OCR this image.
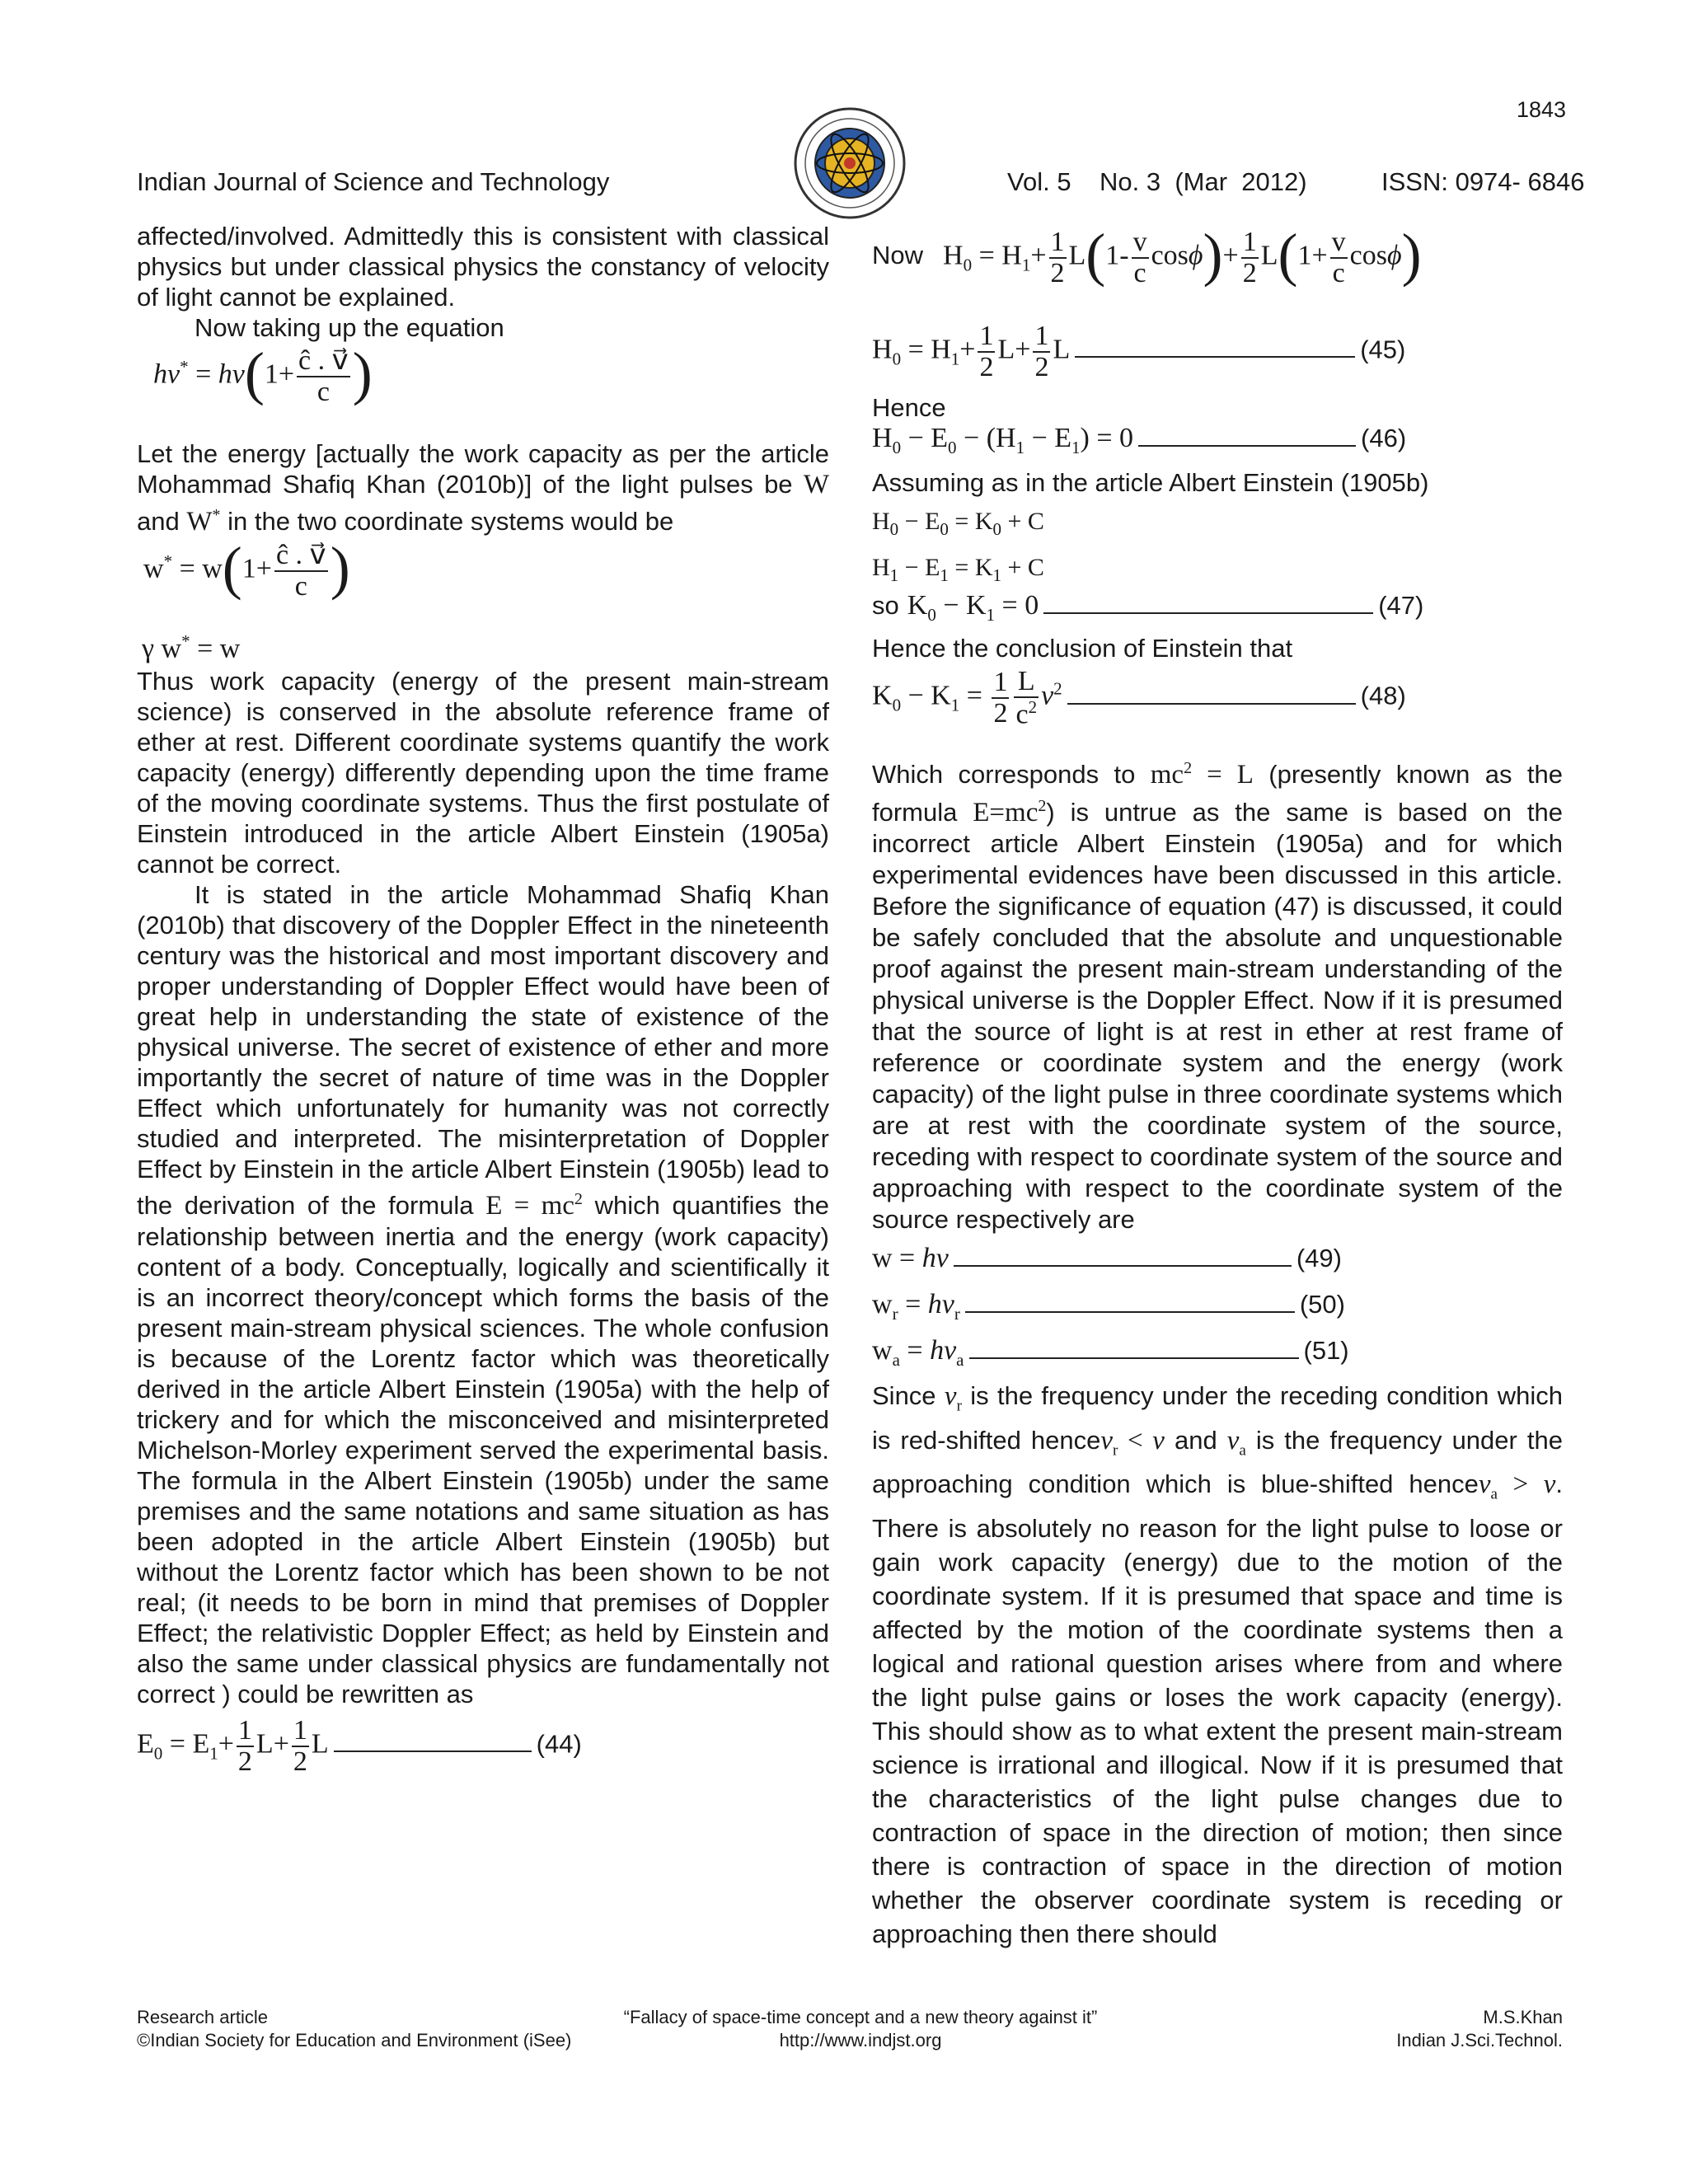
1843
Indian Journal of Science and Technology	Vol. 5    No. 3  (Mar  2012)	ISSN: 0974- 6846

affected/involved. Admittedly this is consistent with classical physics but under classical physics the constancy of velocity of light cannot be explained.

Now taking up the equation

$h\nu^* = h\nu(1+ \frac{ĉ . v⃗}{c}$ )

Let the energy [actually the work capacity as per the article Mohammad Shafiq Khan (2010b)] of the light pulses be W and W* in the two coordinate systems would be

$w^* = w(1+ \frac{ĉ . v⃗}{c}$ )
γ w* = w

Thus work capacity (energy of the present main-stream science) is conserved in the absolute reference frame of ether at rest. Different coordinate systems quantify the work capacity (energy) differently depending upon the time frame of the moving coordinate systems. Thus the first postulate of Einstein introduced in the article Albert Einstein (1905a) cannot be correct.

It is stated in the article Mohammad Shafiq Khan (2010b) that discovery of the Doppler Effect in the nineteenth century was the historical and most important discovery and proper understanding of Doppler Effect would have been of great help in understanding the state of existence of the physical universe. The secret of existence of ether and more importantly the secret of nature of time was in the Doppler Effect which unfortunately for humanity was not correctly studied and interpreted. The misinterpretation of Doppler Effect by Einstein in the article Albert Einstein (1905b) lead to the derivation of the formula $E = mc^2$ which quantifies the relationship between inertia and the energy (work capacity) content of a body. Conceptually, logically and scientifically it is an incorrect theory/concept which forms the basis of the present main-stream physical sciences. The whole confusion is because of the Lorentz factor which was theoretically derived in the article Albert Einstein (1905a) with the help of trickery and for which the misconceived and misinterpreted Michelson-Morley experiment served the experimental basis. The formula in the Albert Einstein (1905b) under the same premises and the same notations and same situation as has been adopted in the article Albert Einstein (1905b) but without the Lorentz factor which has been shown to be not real; (it needs to be born in mind that premises of Doppler Effect; the relativistic Doppler Effect; as held by Einstein and also the same under classical physics are fundamentally not correct ) could be rewritten as

$E_0 = E_1+ \frac{1}{2} L+ \frac{1}{2}$ L	(44)
Now $H_0 = H_1+ \frac{1}{2} L(1- \frac{v}{c} \cos\phi)+ \frac{1}{2} L(1+ \frac{v}{c} \cos\phi)$
$H_0 = H_1+ \frac{1}{2} L+ \frac{1}{2}$ L	(45)

Hence

$H_0 - E_0 - (H_1 - E_1) = 0$	(46)

Assuming as in the article Albert Einstein (1905b)

$H_0 - E_0 = K_0 + C$
$H_1 - E_1 = K_1 + C$
so $K_0 - K_1 = 0$	(47)

Hence the conclusion of Einstein that

$K_0 - K_1 = \frac{1}{2} \frac{L}{c^2} \nu^2$	(48)

Which corresponds to $mc^2 = L$ (presently known as the formula $E=mc^2$) is untrue as the same is based on the incorrect article Albert Einstein (1905a) and for which experimental evidences have been discussed in this article. Before the significance of equation (47) is discussed, it could be safely concluded that the absolute and unquestionable proof against the present main-stream understanding of the physical universe is the Doppler Effect. Now if it is presumed that the source of light is at rest in ether at rest frame of reference or coordinate system and the energy (work capacity) of the light pulse in three coordinate systems which are at rest with the coordinate system of the source, receding with respect to coordinate system of the source and approaching with respect to the coordinate system of the source respectively are

w = hν	(49)
$w_r = h\nu_r$	(50)
$w_a = h\nu_a$	(51)

Since $\nu_r$ is the frequency under the receding condition which is red-shifted henceν$_r$ < ν and $\nu_a$ is the frequency under the approaching condition which is blue-shifted henceν$_a$ > ν. There is absolutely no reason for the light pulse to loose or gain work capacity (energy) due to the motion of the coordinate system. If it is presumed that space and time is affected by the motion of the coordinate systems then a logical and rational question arises where from and where the light pulse gains or loses the work capacity (energy). This should show as to what extent the present main-stream science is irrational and illogical. Now if it is presumed that the characteristics of the light pulse changes due to contraction of space in the direction of motion; then since there is contraction of space in the direction of motion whether the observer coordinate system is receding or approaching then there should

Research article
©Indian Society for Education and Environment (iSee)
“Fallacy of space-time concept and a new theory against it”
http://www.indjst.org
M.S.Khan
Indian J.Sci.Technol.
